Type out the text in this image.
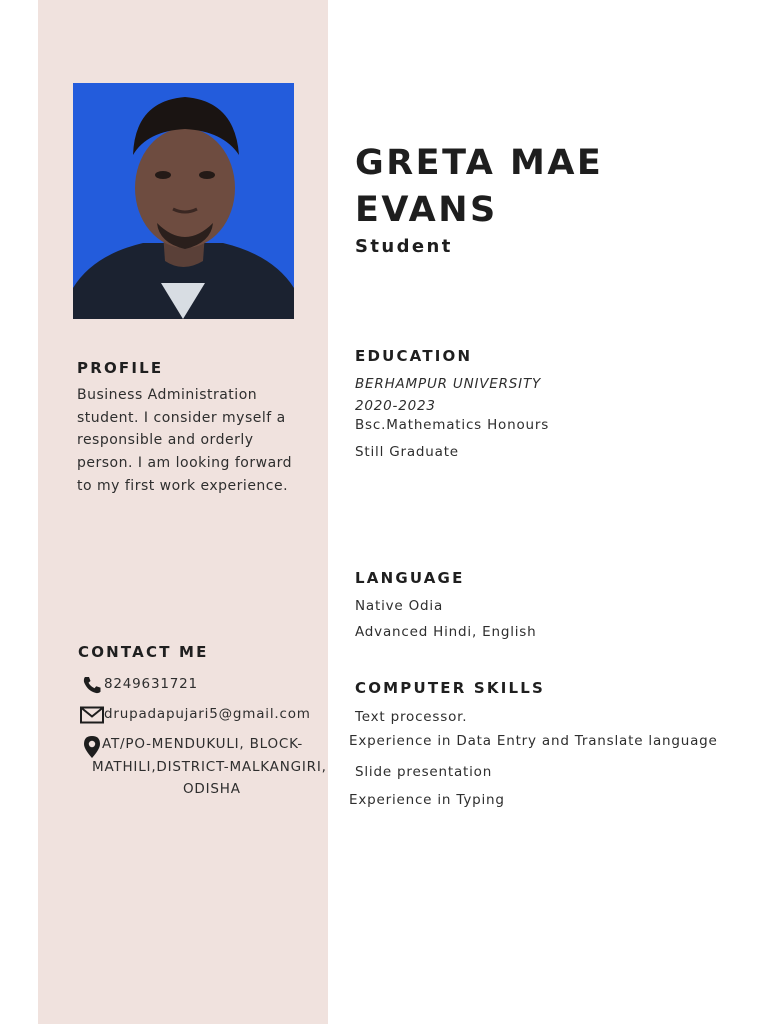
GRETA MAE
EVANS
Student
PROFILE
Business Administration student. I consider myself a responsible and orderly person. I am looking forward to my first work experience.
CONTACT ME
8249631721
drupadapujari5@gmail.com
AT/PO-MENDUKULI, BLOCK-
MATHILI,DISTRICT-MALKANGIRI,
ODISHA
EDUCATION
BERHAMPUR UNIVERSITY
2020-2023
Bsc.Mathematics Honours
Still Graduate
LANGUAGE
Native Odia
Advanced Hindi, English
COMPUTER SKILLS
Text processor.
Experience in Data Entry and Translate language
Slide presentation
Experience in Typing
